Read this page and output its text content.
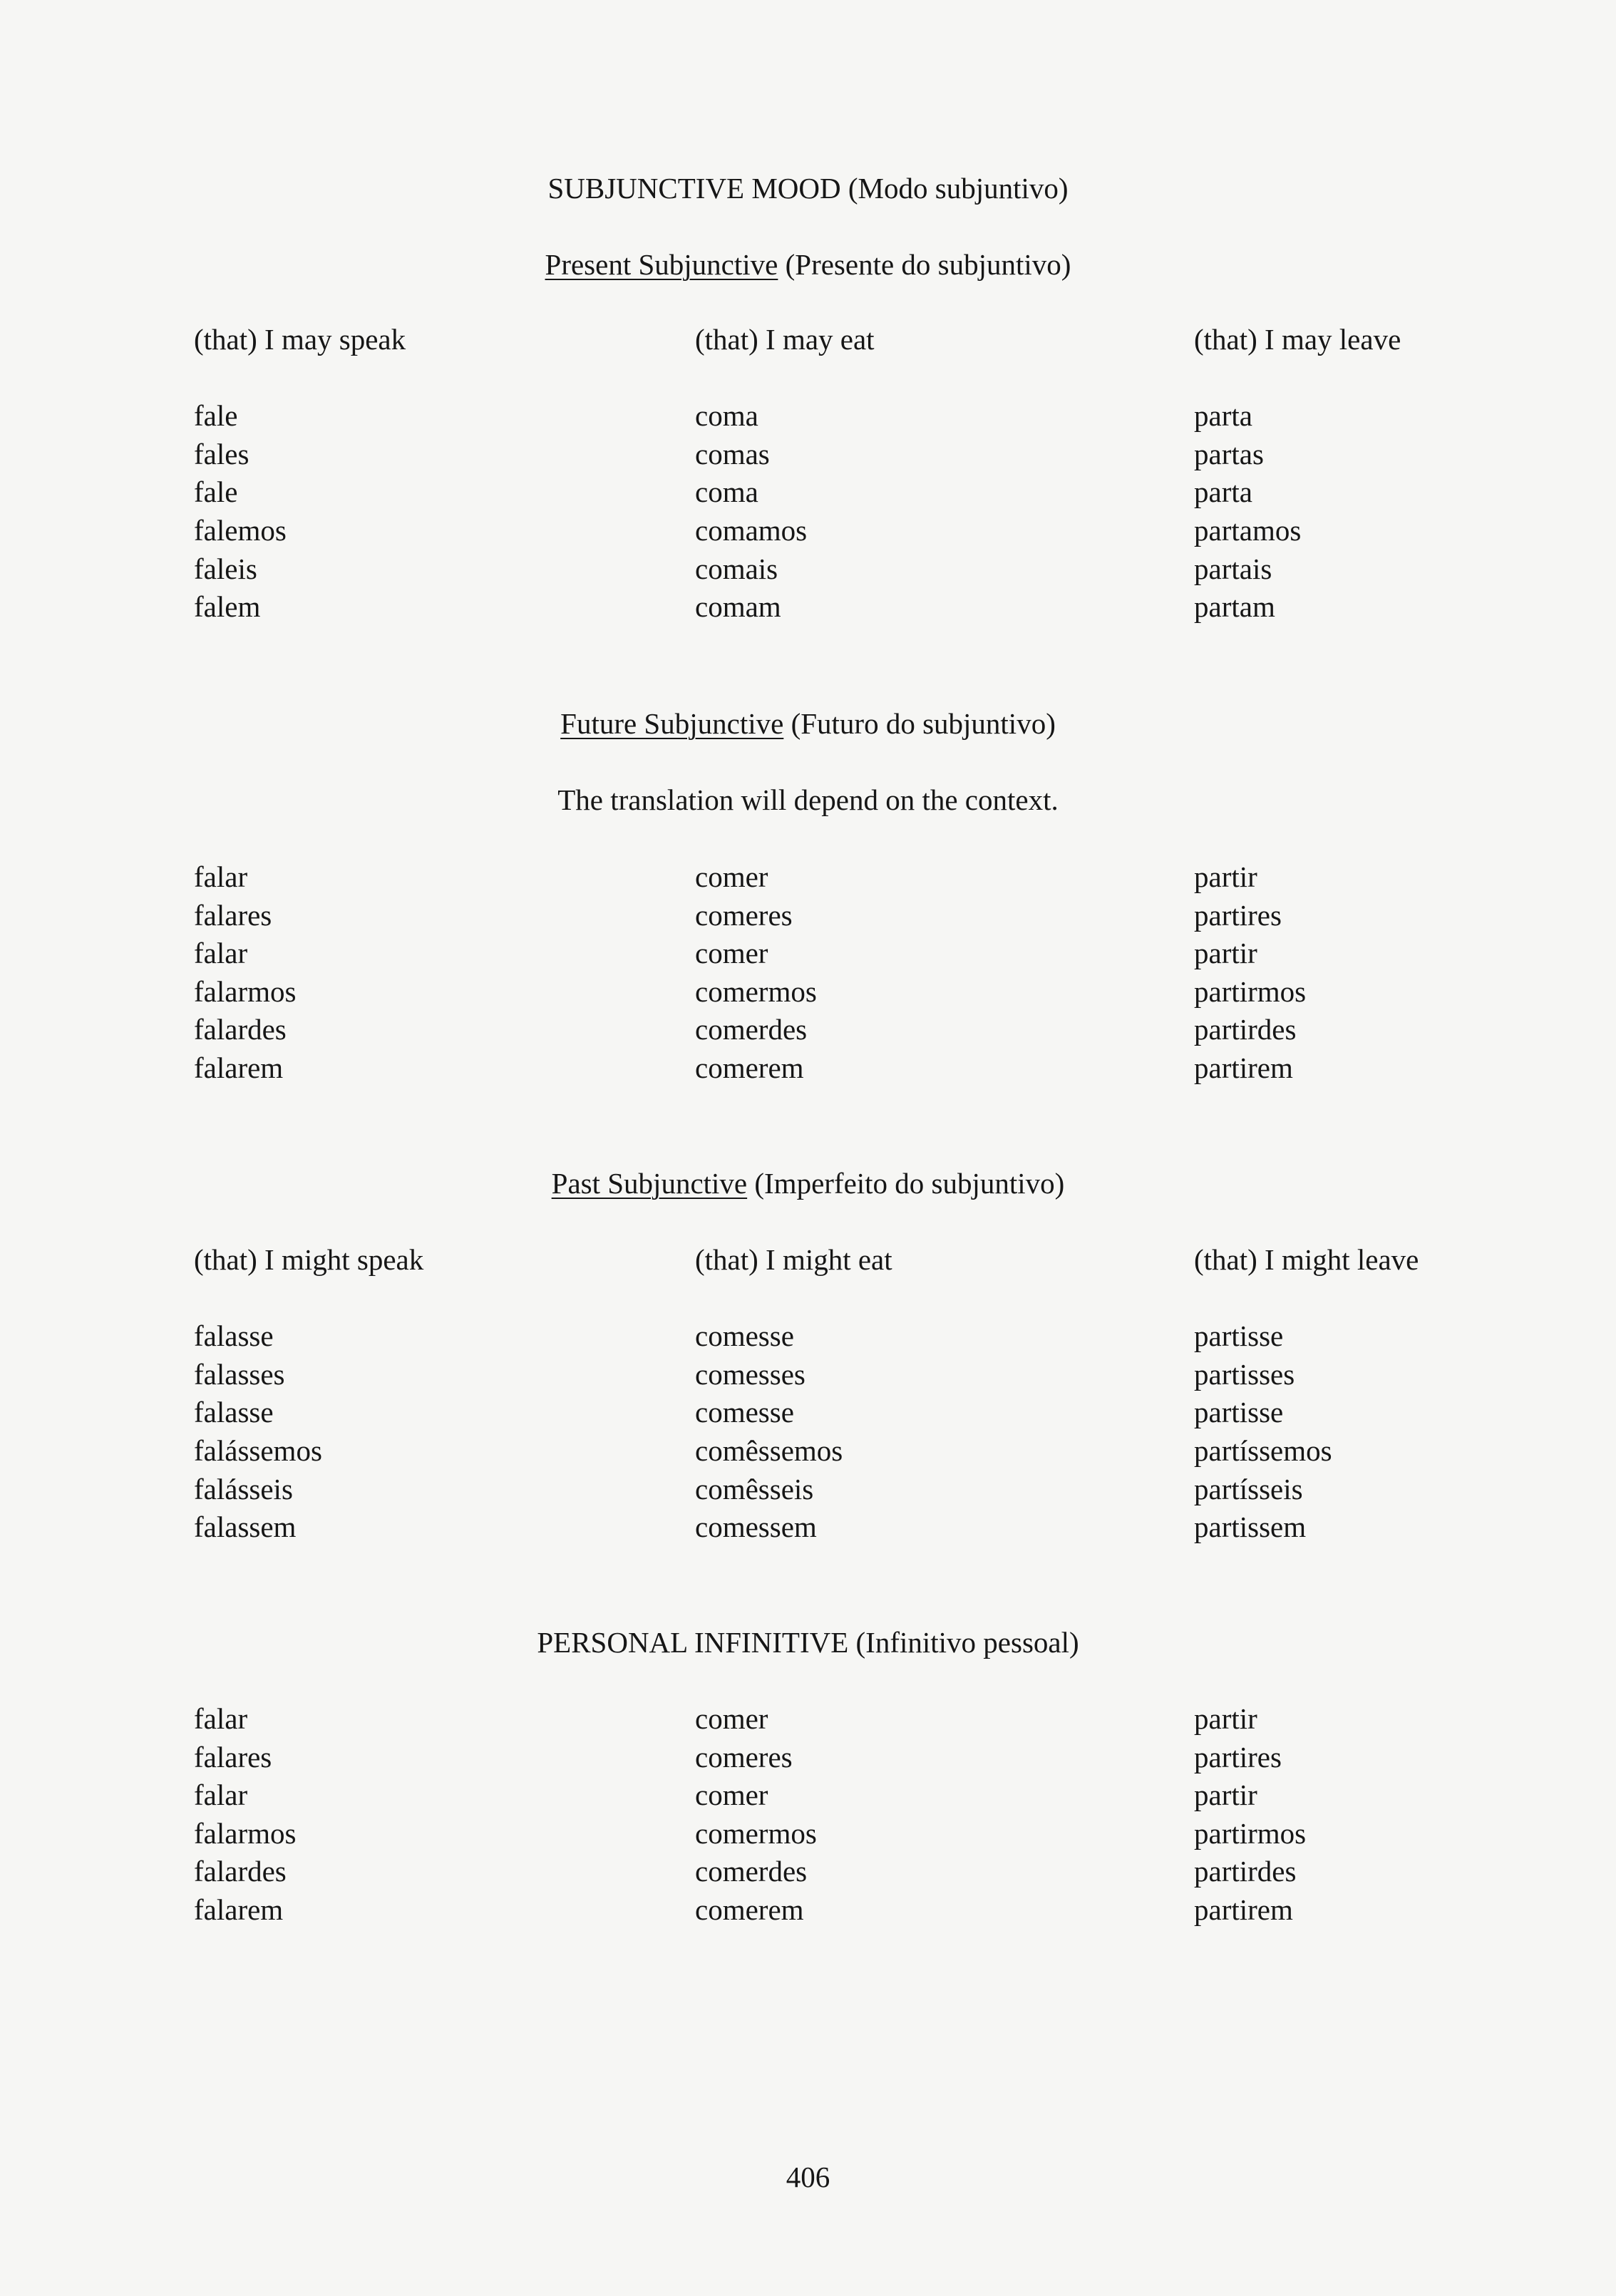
SUBJUNCTIVE MOOD (Modo subjuntivo)
Present Subjunctive (Presente do subjuntivo)
(that) I may speak
fale
fales
fale
falemos
faleis
falem
(that) I may eat
coma
comas
coma
comamos
comais
comam
(that) I may leave
parta
partas
parta
partamos
partais
partam
Future Subjunctive (Futuro do subjuntivo)
The translation will depend on the context.
falar
falares
falar
falarmos
falardes
falarem
comer
comeres
comer
comermos
comerdes
comerem
partir
partires
partir
partirmos
partirdes
partirem
Past Subjunctive (Imperfeito do subjuntivo)
(that) I might speak
falasse
falasses
falasse
falássemos
falásseis
falassem
(that) I might eat
comesse
comesses
comesse
comêssemos
comêsseis
comessem
(that) I might leave
partisse
partisses
partisse
partíssemos
partísseis
partissem
PERSONAL INFINITIVE (Infinitivo pessoal)
falar
falares
falar
falarmos
falardes
falarem
comer
comeres
comer
comermos
comerdes
comerem
partir
partires
partir
partirmos
partirdes
partirem
406
